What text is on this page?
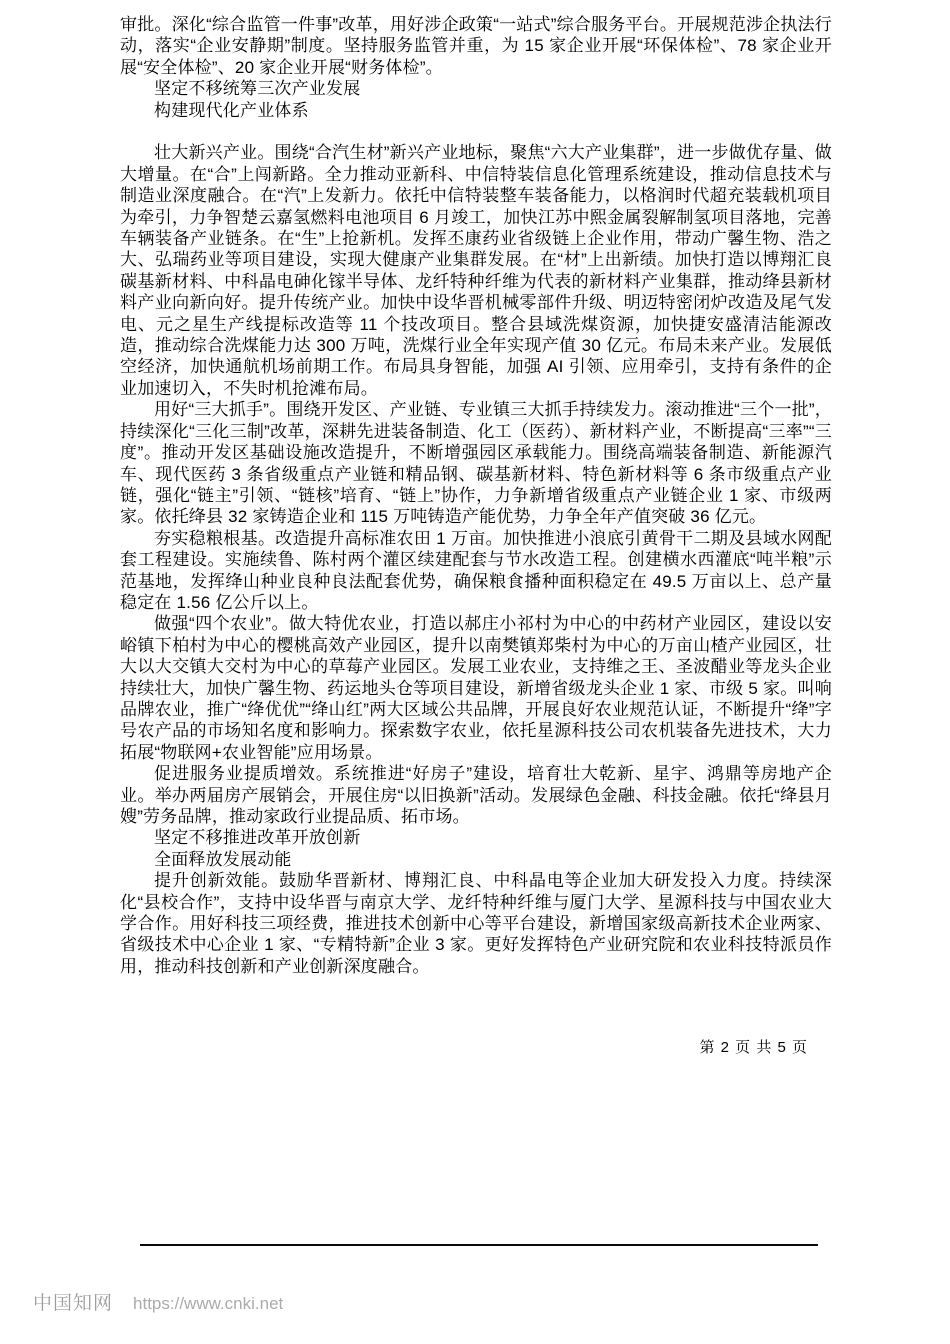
审批。深化“综合监管一件事”改革，用好涉企政策“一站式”综合服务平台。开展规范涉企执法行动，落实“企业安静期”制度。坚持服务监管并重，为 15 家企业开展“环保体检”、78 家企业开展“安全体检”、20 家企业开展“财务体检”。

坚定不移统筹三次产业发展

构建现代化产业体系

壮大新兴产业。围绕“合汽生材”新兴产业地标，聚焦“六大产业集群”，进一步做优存量、做大增量。在“合”上闯新路。全力推动亚新科、中信特装信息化管理系统建设，推动信息技术与制造业深度融合。在“汽”上发新力。依托中信特装整车装备能力，以格润时代超充装载机项目为牵引，力争智楚云嘉氢燃料电池项目 6 月竣工，加快江苏中熙金属裂解制氢项目落地，完善车辆装备产业链条。在“生”上抢新机。发挥丕康药业省级链上企业作用，带动广馨生物、浩之大、弘瑞药业等项目建设，实现大健康产业集群发展。在“材”上出新绩。加快打造以博翔汇良碳基新材料、中科晶电砷化镓半导体、龙纤特种纤维为代表的新材料产业集群，推动绛县新材料产业向新向好。提升传统产业。加快中设华晋机械零部件升级、明迈特密闭炉改造及尾气发电、元之星生产线提标改造等 11 个技改项目。整合县域洗煤资源，加快捷安盛清洁能源改造，推动综合洗煤能力达 300 万吨，洗煤行业全年实现产值 30 亿元。布局未来产业。发展低空经济，加快通航机场前期工作。布局具身智能，加强 AI 引领、应用牵引，支持有条件的企业加速切入，不失时机抢滩布局。

用好“三大抓手”。围绕开发区、产业链、专业镇三大抓手持续发力。滚动推进“三个一批”，持续深化“三化三制”改革，深耕先进装备制造、化工（医药）、新材料产业，不断提高“三率”“三度”。推动开发区基础设施改造提升，不断增强园区承载能力。围绕高端装备制造、新能源汽车、现代医药 3 条省级重点产业链和精品钢、碳基新材料、特色新材料等 6 条市级重点产业链，强化“链主”引领、“链核”培育、“链上”协作，力争新增省级重点产业链企业 1 家、市级两家。依托绛县 32 家铸造企业和 115 万吨铸造产能优势，力争全年产值突破 36 亿元。

夯实稳粮根基。改造提升高标准农田 1 万亩。加快推进小浪底引黄骨干二期及县域水网配套工程建设。实施续鲁、陈村两个灌区续建配套与节水改造工程。创建横水西灌底“吨半粮”示范基地，发挥绛山种业良种良法配套优势，确保粮食播种面积稳定在 49.5 万亩以上、总产量稳定在 1.56 亿公斤以上。

做强“四个农业”。做大特优农业，打造以郝庄小祁村为中心的中药材产业园区，建设以安峪镇下柏村为中心的樱桃高效产业园区，提升以南樊镇郑柴村为中心的万亩山楂产业园区，壮大以大交镇大交村为中心的草莓产业园区。发展工业农业，支持维之王、圣波醋业等龙头企业持续壮大，加快广馨生物、药运地头仓等项目建设，新增省级龙头企业 1 家、市级 5 家。叫响品牌农业，推广“绛优优”“绛山红”两大区域公共品牌，开展良好农业规范认证，不断提升“绛”字号农产品的市场知名度和影响力。探索数字农业，依托星源科技公司农机装备先进技术，大力拓展“物联网+农业智能”应用场景。

促进服务业提质增效。系统推进“好房子”建设，培育壮大乾新、星宇、鸿鼎等房地产企业。举办两届房产展销会，开展住房“以旧换新”活动。发展绿色金融、科技金融。依托“绛县月嫂”劳务品牌，推动家政行业提品质、拓市场。

坚定不移推进改革开放创新

全面释放发展动能

提升创新效能。鼓励华晋新材、博翔汇良、中科晶电等企业加大研发投入力度。持续深化“县校合作”，支持中设华晋与南京大学、龙纤特种纤维与厦门大学、星源科技与中国农业大学合作。用好科技三项经费，推进技术创新中心等平台建设，新增国家级高新技术企业两家、省级技术中心企业 1 家、“专精特新”企业 3 家。更好发挥特色产业研究院和农业科技特派员作用，推动科技创新和产业创新深度融合。

第 2 页 共 5 页
中国知网 https://www.cnki.net
